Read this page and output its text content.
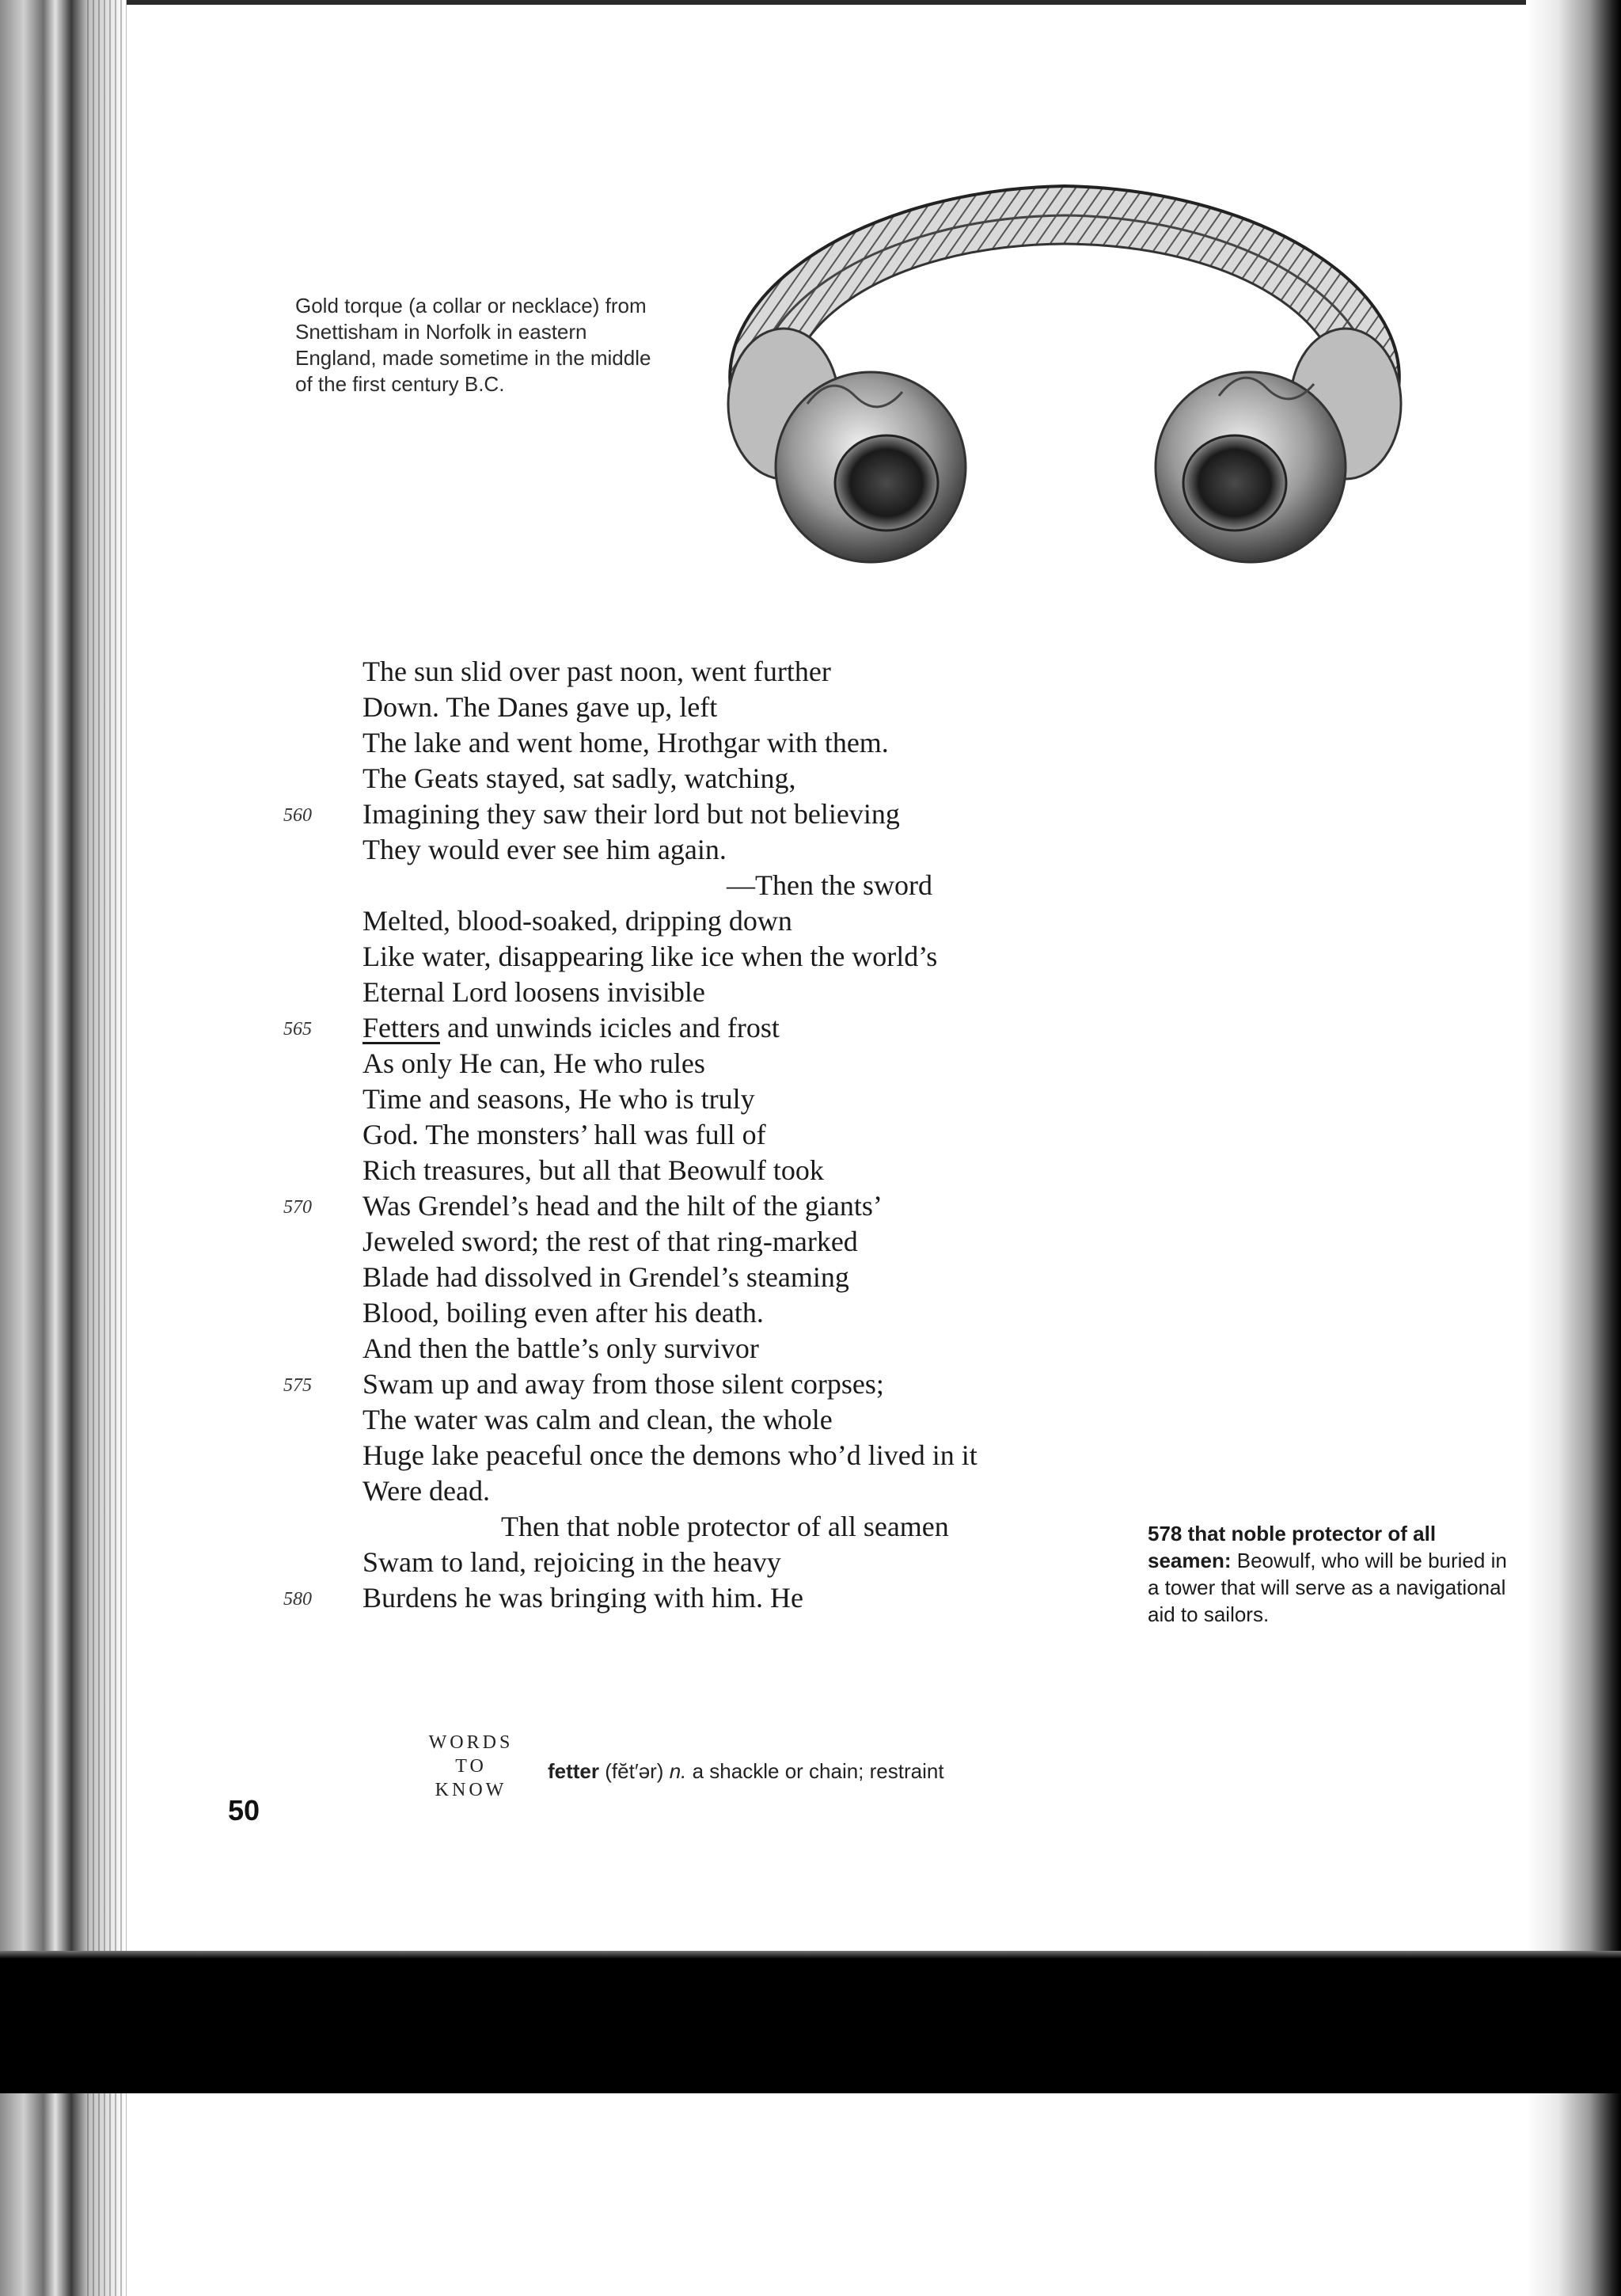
Gold torque (a collar or necklace) from Snettisham in Norfolk in eastern England, made sometime in the middle of the first century B.C.
The sun slid over past noon, went further
Down. The Danes gave up, left
The lake and went home, Hrothgar with them.
The Geats stayed, sat sadly, watching,
560	Imagining they saw their lord but not believing
They would ever see him again.
—Then the sword
Melted, blood-soaked, dripping down
Like water, disappearing like ice when the world’s
Eternal Lord loosens invisible
565	Fetters and unwinds icicles and frost
As only He can, He who rules
Time and seasons, He who is truly
God. The monsters’ hall was full of
Rich treasures, but all that Beowulf took
570	Was Grendel’s head and the hilt of the giants’
Jeweled sword; the rest of that ring-marked
Blade had dissolved in Grendel’s steaming
Blood, boiling even after his death.
And then the battle’s only survivor
575	Swam up and away from those silent corpses;
The water was calm and clean, the whole
Huge lake peaceful once the demons who’d lived in it
Were dead.
Then that noble protector of all seamen
Swam to land, rejoicing in the heavy
580	Burdens he was bringing with him. He
578 that noble protector of all seamen: Beowulf, who will be buried in a tower that will serve as a navigational aid to sailors.
WORDS
TO
KNOW
fetter (fĕt′ər) n. a shackle or chain; restraint
50
